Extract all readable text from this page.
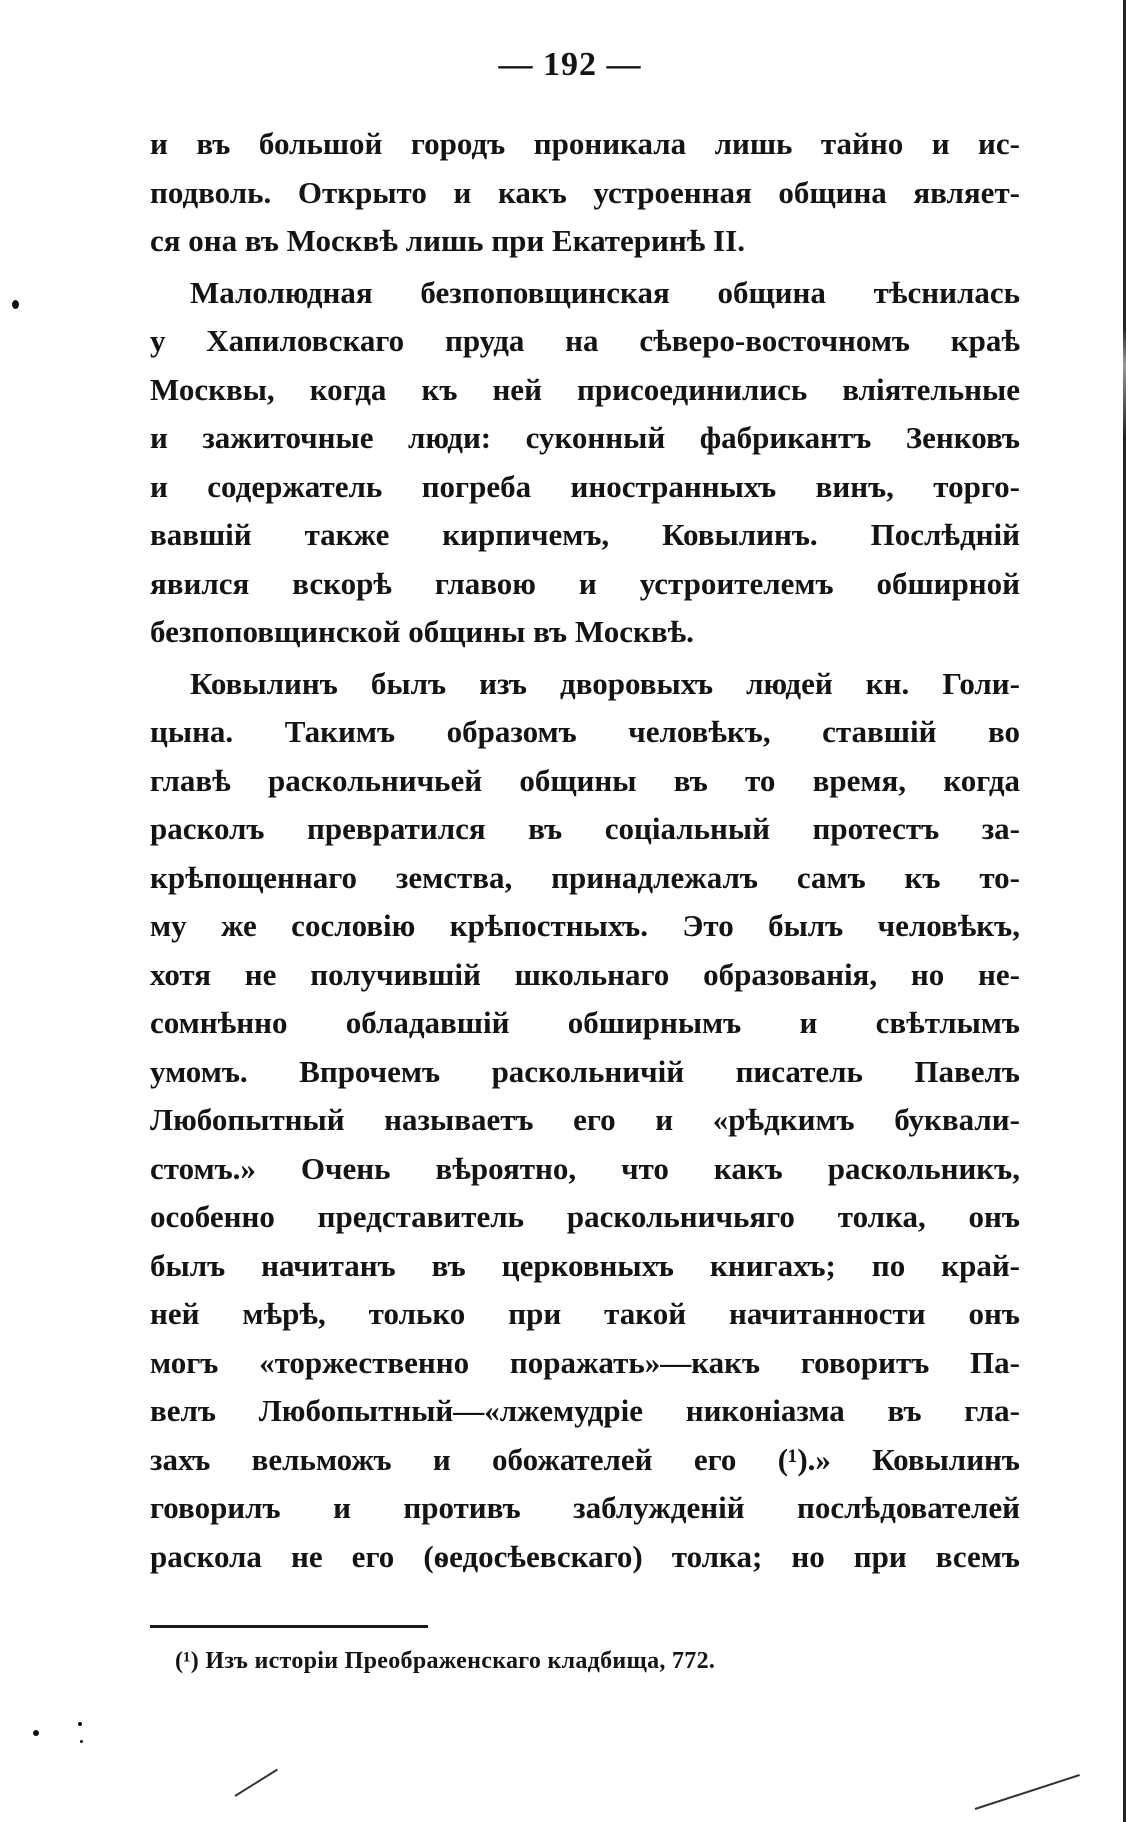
— 192 —

и въ большой городъ проникала лишь тайно и ис-

подволь. Открыто и какъ устроенная община являет-

ся она въ Москвѣ лишь при Екатеринѣ II.

Малолюдная безпоповщинская община тѣснилась

у Хапиловскаго пруда на сѣверо-восточномъ краѣ

Москвы, когда къ ней присоединились вліятельные

и зажиточные люди: суконный фабрикантъ Зенковъ

и содержатель погреба иностранныхъ винъ, торго-

вавшій также кирпичемъ, Ковылинъ. Послѣдній

явился вскорѣ главою и устроителемъ обширной

безпоповщинской общины въ Москвѣ.

Ковылинъ былъ изъ дворовыхъ людей кн. Голи-

цына. Такимъ образомъ человѣкъ, ставшій во

главѣ раскольничьей общины въ то время, когда

расколъ превратился въ соціальный протестъ за-

крѣпощеннаго земства, принадлежалъ самъ къ то-

му же сословію крѣпостныхъ. Это былъ человѣкъ,

хотя не получившій школьнаго образованія, но не-

сомнѣнно обладавшій обширнымъ и свѣтлымъ

умомъ. Впрочемъ раскольничій писатель Павелъ

Любопытный называетъ его и «рѣдкимъ буквали-

стомъ.» Очень вѣроятно, что какъ раскольникъ,

особенно представитель раскольничьяго толка, онъ

былъ начитанъ въ церковныхъ книгахъ; по край-

ней мѣрѣ, только при такой начитанности онъ

могъ «торжественно поражать»—какъ говоритъ Па-

велъ Любопытный—«лжемудріе никоніазма въ гла-

захъ вельможъ и обожателей его (¹).» Ковылинъ

говорилъ и противъ заблужденій послѣдователей

раскола не его (ѳедосѣевскаго) толка; но при всемъ

(¹) Изъ исторіи Преображенскаго кладбища, 772.
